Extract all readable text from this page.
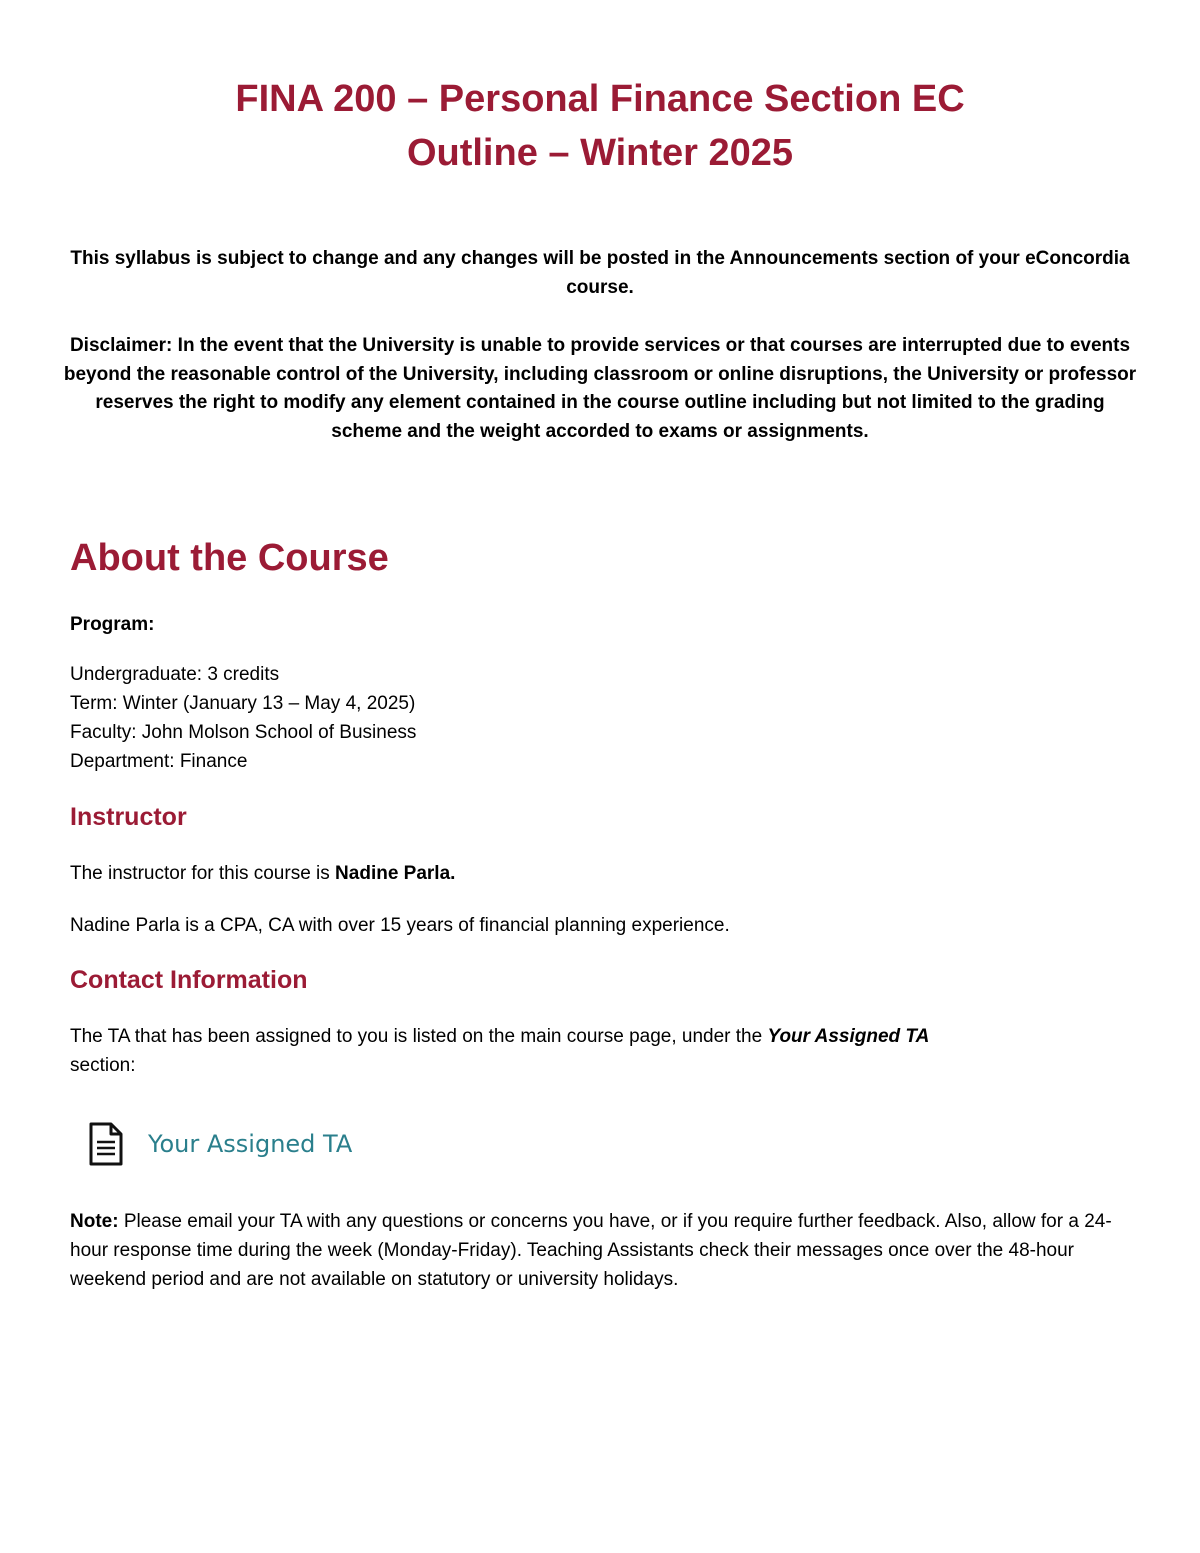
FINA 200 – Personal Finance Section EC
Outline – Winter 2025
This syllabus is subject to change and any changes will be posted in the Announcements section of your eConcordia course.
Disclaimer: In the event that the University is unable to provide services or that courses are interrupted due to events beyond the reasonable control of the University, including classroom or online disruptions, the University or professor reserves the right to modify any element contained in the course outline including but not limited to the grading scheme and the weight accorded to exams or assignments.
About the Course
Program:
Undergraduate: 3 credits
Term: Winter (January 13 – May 4, 2025)
Faculty: John Molson School of Business
Department: Finance
Instructor
The instructor for this course is Nadine Parla.
Nadine Parla is a CPA, CA with over 15 years of financial planning experience.
Contact Information
The TA that has been assigned to you is listed on the main course page, under the Your Assigned TA
section:
Your Assigned TA
Note: Please email your TA with any questions or concerns you have, or if you require further feedback. Also, allow for a 24-hour response time during the week (Monday-Friday). Teaching Assistants check their messages once over the 48-hour weekend period and are not available on statutory or university holidays.
